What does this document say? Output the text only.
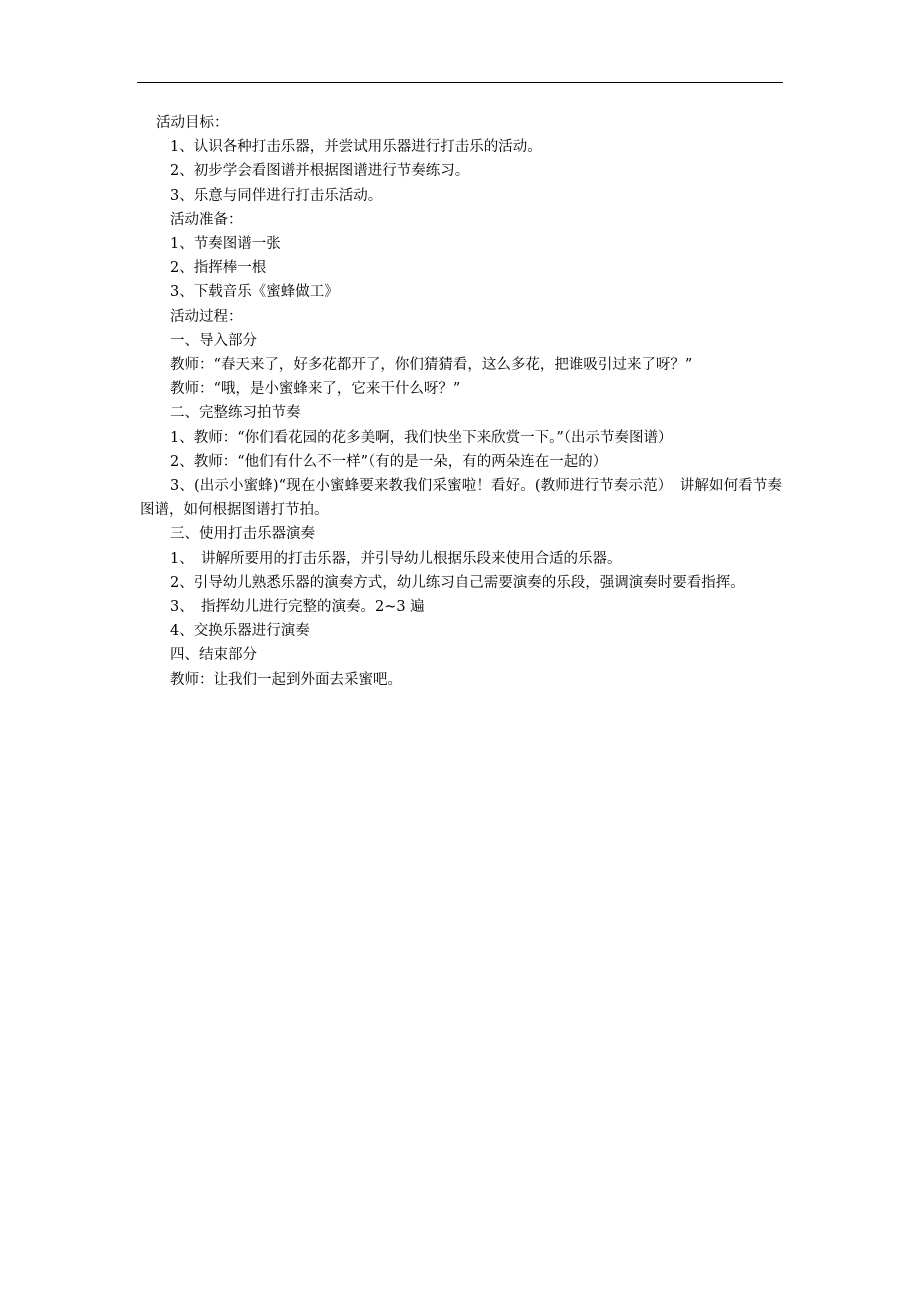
活动目标：

1、认识各种打击乐器，并尝试用乐器进行打击乐的活动。

2、初步学会看图谱并根据图谱进行节奏练习。

3、乐意与同伴进行打击乐活动。

活动准备：

1、节奏图谱一张

2、指挥棒一根

3、下载音乐《蜜蜂做工》

活动过程：

一、导入部分

教师：“春天来了，好多花都开了，你们猜猜看，这么多花，把谁吸引过来了呀？”

教师：“哦，是小蜜蜂来了，它来干什么呀？”

二、完整练习拍节奏

1、教师：“你们看花园的花多美啊，我们快坐下来欣赏一下。”（出示节奏图谱）

2、教师：“他们有什么不一样”（有的是一朵，有的两朵连在一起的）

3、(出示小蜜蜂)“现在小蜜蜂要来教我们采蜜啦！看好。(教师进行节奏示范）　讲解如何看节奏图谱，如何根据图谱打节拍。

三、使用打击乐器演奏

1、　讲解所要用的打击乐器，并引导幼儿根据乐段来使用合适的乐器。

2、引导幼儿熟悉乐器的演奏方式，幼儿练习自己需要演奏的乐段，强调演奏时要看指挥。

3、　指挥幼儿进行完整的演奏。2~3 遍

4、交换乐器进行演奏

四、结束部分

教师：让我们一起到外面去采蜜吧。
